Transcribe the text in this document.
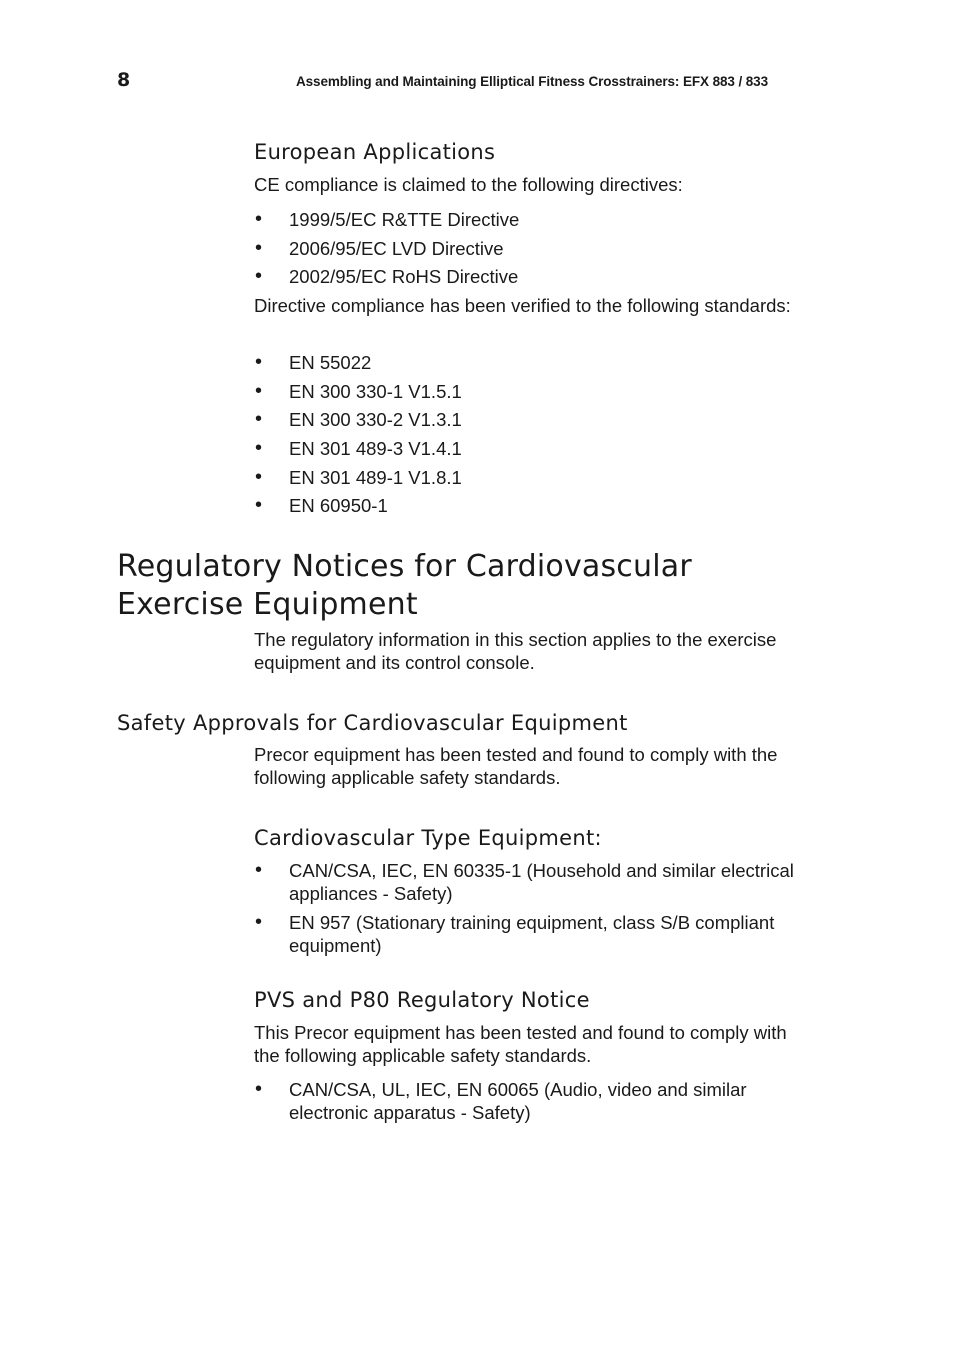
8	Assembling and Maintaining Elliptical Fitness Crosstrainers: EFX 883 / 833
European Applications
CE compliance is claimed to the following directives:
• 1999/5/EC R&TTE Directive
• 2006/95/EC LVD Directive
• 2002/95/EC RoHS Directive
Directive compliance has been verified to the following standards:
• EN 55022
• EN 300 330-1 V1.5.1
• EN 300 330-2 V1.3.1
• EN 301 489-3 V1.4.1
• EN 301 489-1 V1.8.1
• EN 60950-1
Regulatory Notices for Cardiovascular
Exercise Equipment
The regulatory information in this section applies to the exercise equipment and its control console.
Safety Approvals for Cardiovascular Equipment
Precor equipment has been tested and found to comply with the following applicable safety standards.
Cardiovascular Type Equipment:
• CAN/CSA, IEC, EN 60335-1 (Household and similar electrical appliances - Safety)
• EN 957 (Stationary training equipment, class S/B compliant equipment)
PVS and P80 Regulatory Notice
This Precor equipment has been tested and found to comply with the following applicable safety standards.
• CAN/CSA, UL, IEC, EN 60065 (Audio, video and similar electronic apparatus - Safety)
